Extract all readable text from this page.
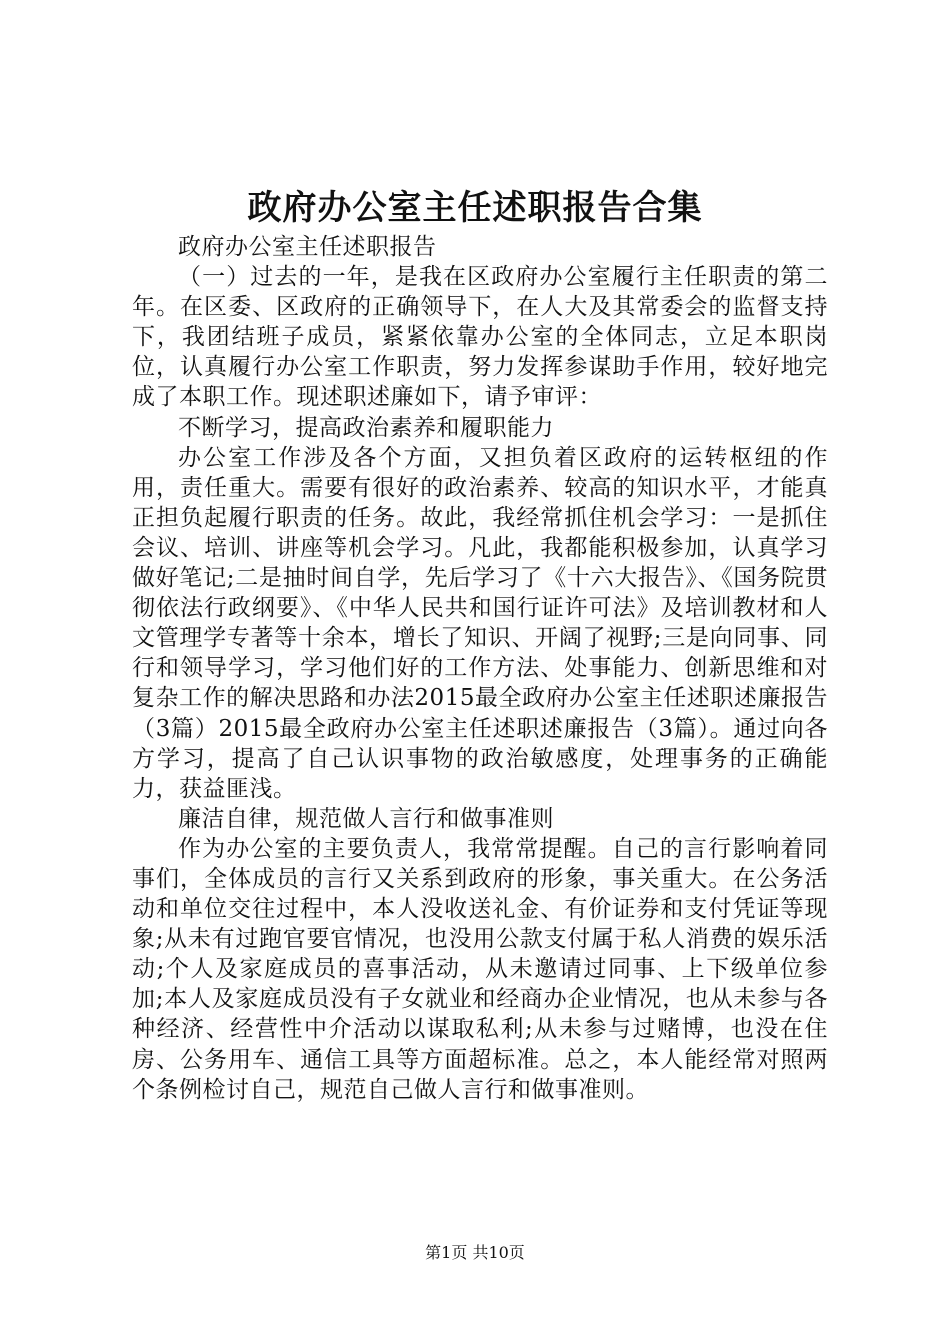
政府办公室主任述职报告合集

政府办公室主任述职报告

（一）过去的一年，是我在区政府办公室履行主任职责的第二年。在区委、区政府的正确领导下，在人大及其常委会的监督支持下，我团结班子成员，紧紧依靠办公室的全体同志，立足本职岗位，认真履行办公室工作职责，努力发挥参谋助手作用，较好地完成了本职工作。现述职述廉如下，请予审评：

不断学习，提高政治素养和履职能力

办公室工作涉及各个方面，又担负着区政府的运转枢纽的作用，责任重大。需要有很好的政治素养、较高的知识水平，才能真正担负起履行职责的任务。故此，我经常抓住机会学习：一是抓住会议、培训、讲座等机会学习。凡此，我都能积极参加，认真学习做好笔记;二是抽时间自学，先后学习了《十六大报告》、《国务院贯彻依法行政纲要》、《中华人民共和国行证许可法》及培训教材和人文管理学专著等十余本，增长了知识、开阔了视野;三是向同事、同行和领导学习，学习他们好的工作方法、处事能力、创新思维和对复杂工作的解决思路和办法2015最全政府办公室主任述职述廉报告（3篇）2015最全政府办公室主任述职述廉报告（3篇）。通过向各方学习，提高了自己认识事物的政治敏感度，处理事务的正确能力，获益匪浅。

廉洁自律，规范做人言行和做事准则

作为办公室的主要负责人，我常常提醒。自己的言行影响着同事们，全体成员的言行又关系到政府的形象，事关重大。在公务活动和单位交往过程中，本人没收送礼金、有价证券和支付凭证等现象;从未有过跑官要官情况，也没用公款支付属于私人消费的娱乐活动;个人及家庭成员的喜事活动，从未邀请过同事、上下级单位参加;本人及家庭成员没有子女就业和经商办企业情况，也从未参与各种经济、经营性中介活动以谋取私利;从未参与过赌博，也没在住房、公务用车、通信工具等方面超标准。总之，本人能经常对照两个条例检讨自己，规范自己做人言行和做事准则。

第1页 共10页
